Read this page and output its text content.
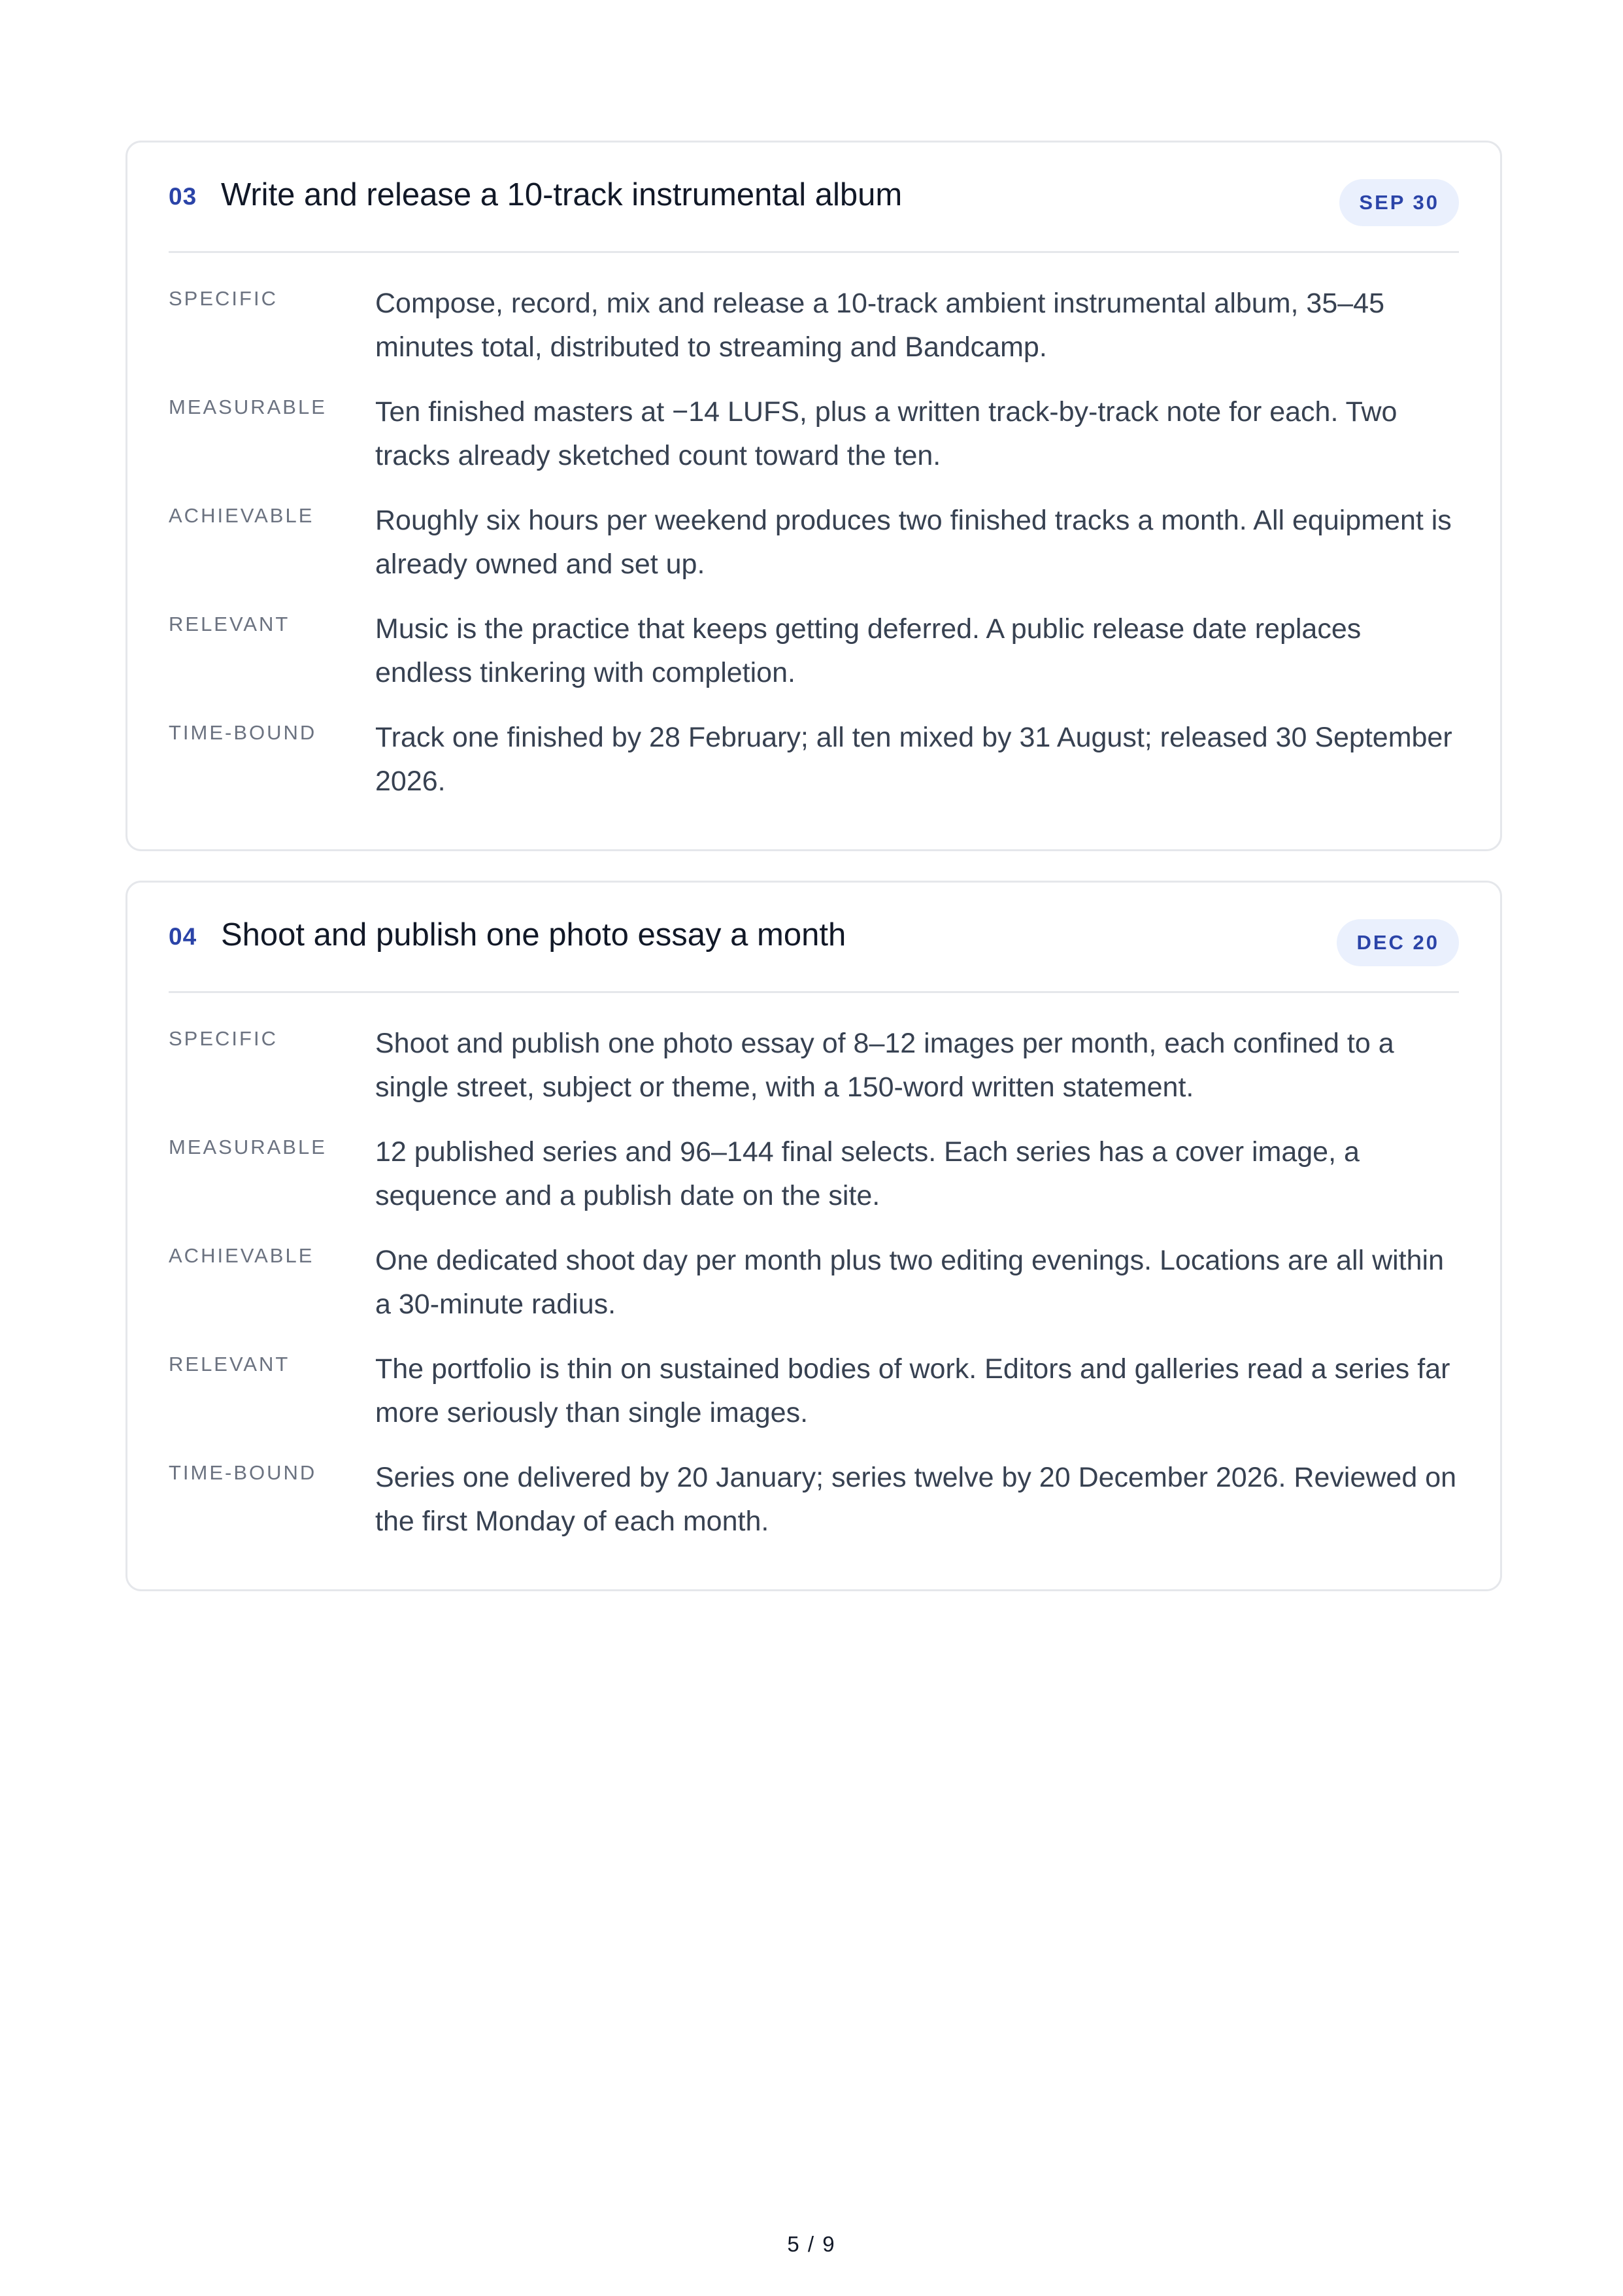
03 Write and release a 10-track instrumental album	SEP 30
SPECIFIC	Compose, record, mix and release a 10-track ambient instrumental album, 35–45 minutes total, distributed to streaming and Bandcamp.
MEASURABLE	Ten finished masters at −14 LUFS, plus a written track-by-track note for each. Two tracks already sketched count toward the ten.
ACHIEVABLE	Roughly six hours per weekend produces two finished tracks a month. All equipment is already owned and set up.
RELEVANT	Music is the practice that keeps getting deferred. A public release date replaces endless tinkering with completion.
TIME-BOUND	Track one finished by 28 February; all ten mixed by 31 August; released 30 September 2026.
04 Shoot and publish one photo essay a month	DEC 20
SPECIFIC	Shoot and publish one photo essay of 8–12 images per month, each confined to a single street, subject or theme, with a 150-word written statement.
MEASURABLE	12 published series and 96–144 final selects. Each series has a cover image, a sequence and a publish date on the site.
ACHIEVABLE	One dedicated shoot day per month plus two editing evenings. Locations are all within a 30-minute radius.
RELEVANT	The portfolio is thin on sustained bodies of work. Editors and galleries read a series far more seriously than single images.
TIME-BOUND	Series one delivered by 20 January; series twelve by 20 December 2026. Reviewed on the first Monday of each month.
5 / 9
